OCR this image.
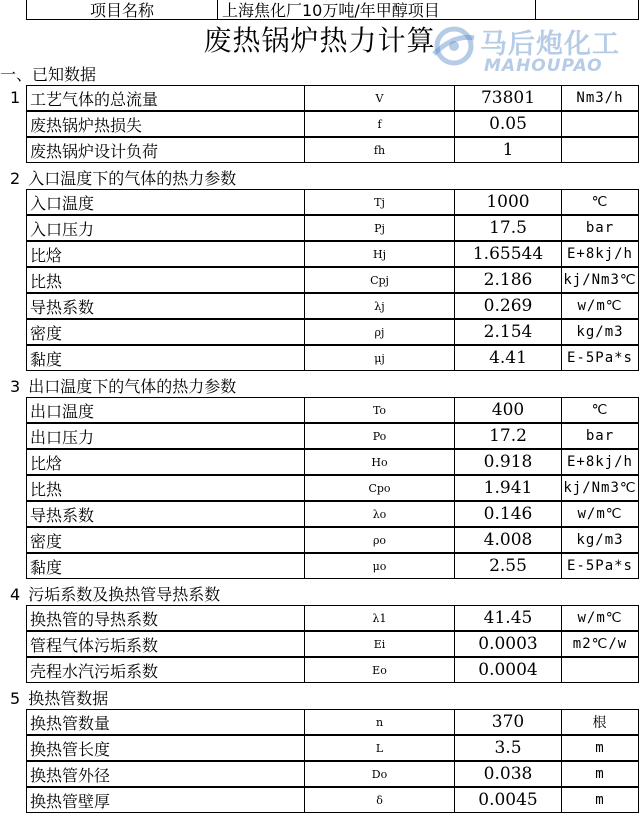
项目名称	上海焦化厂10万吨/年甲醇项目
废热锅炉热力计算	马后炮化工
MAHOUPAO
一、已知数据
1 工艺气体的总流量	V	73801	Nm3/h
废热锅炉热损失	f	0.05
废热锅炉设计负荷	fh	1
2 入口温度下的气体的热力参数
入口温度	Tj	1000	℃
入口压力	Pj	17.5	bar
比焓	Hj	1.65544	E+8kj/h
比热	Cpj	2.186	kj/Nm3℃
导热系数	λj	0.269	w/m℃
密度	ρj	2.154	kg/m3
黏度	μj	4.41	E-5Pa*s
3 出口温度下的气体的热力参数
出口温度	To	400	℃
出口压力	Po	17.2	bar
比焓	Ho	0.918	E+8kj/h
比热	Cpo	1.941	kj/Nm3℃
导热系数	λo	0.146	w/m℃
密度	ρo	4.008	kg/m3
黏度	μo	2.55	E-5Pa*s
4 污垢系数及换热管导热系数
换热管的导热系数	λ1	41.45	w/m℃
管程气体污垢系数	Ei	0.0003	m2℃/w
壳程水汽污垢系数	Eo	0.0004
5 换热管数据
换热管数量	n	370	根
换热管长度	L	3.5	m
换热管外径	Do	0.038	m
换热管壁厚	δ	0.0045	m
